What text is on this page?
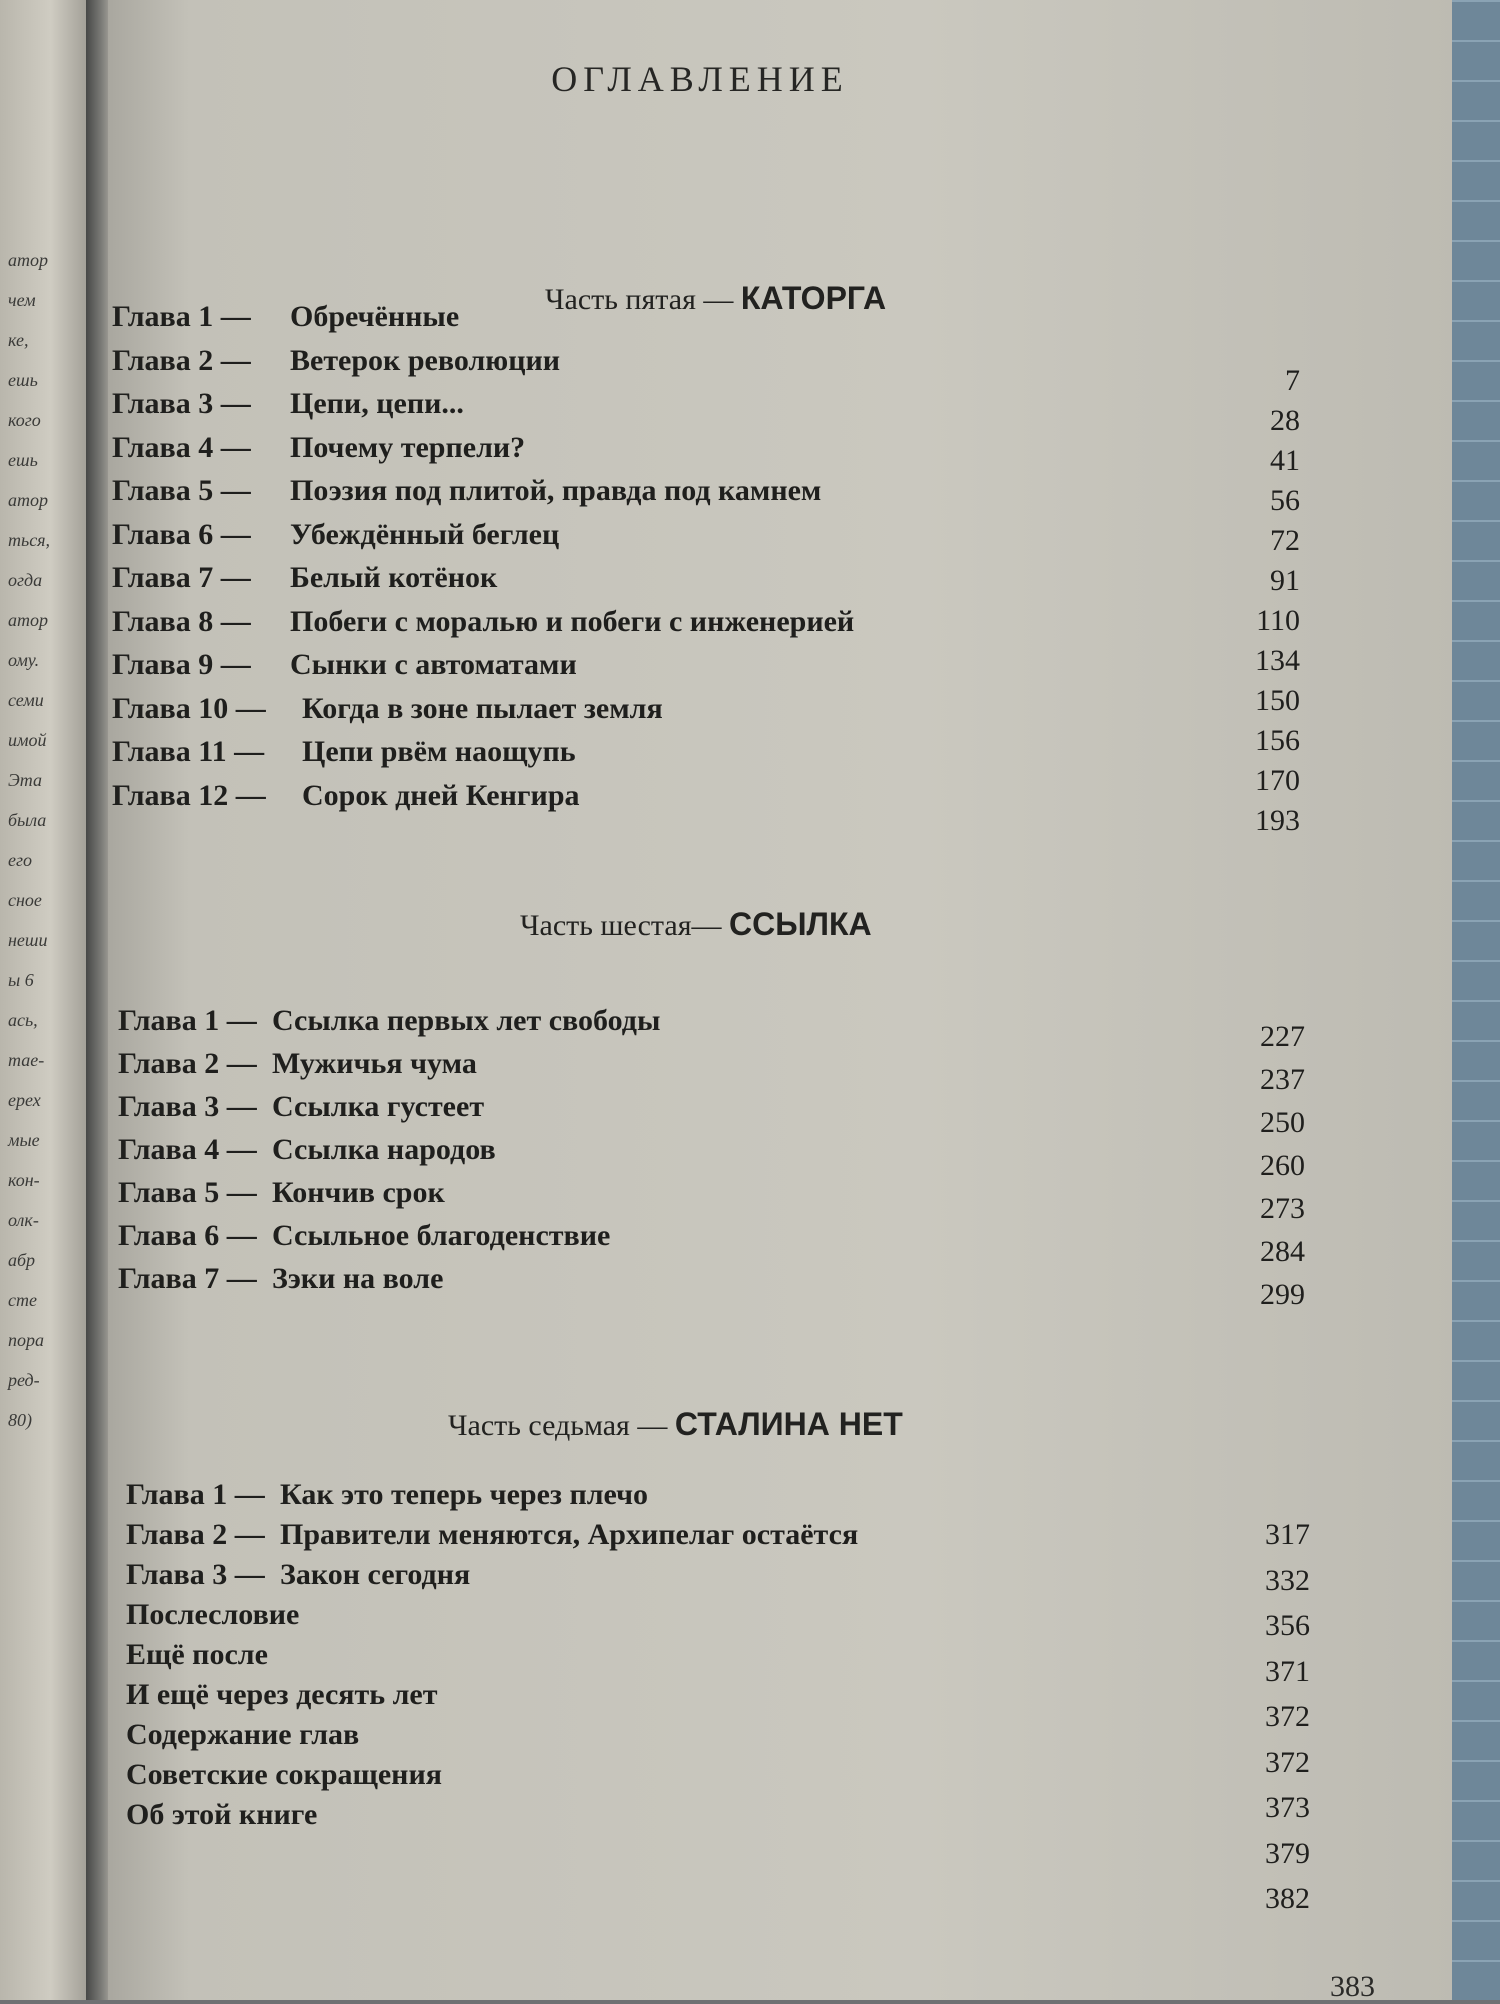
атор
чем
ке,
ешь
кого
ешь
атор
ться,
огда
атор
ому.
семи
имой
Эта
была
его
сное
неши
ы 6
ась,
тае-
ерех
мые
кон-
олк-
абр
сте
пора
ред-
80)
ОГЛАВЛЕНИЕ
Часть пятая — КАТОРГА
Глава 1 — Обречённые
Глава 2 — Ветерок революции
Глава 3 — Цепи, цепи...
Глава 4 — Почему терпели?
Глава 5 — Поэзия под плитой, правда под камнем
Глава 6 — Убеждённый беглец
Глава 7 — Белый котёнок
Глава 8 — Побеги с моралью и побеги с инженерией
Глава 9 — Сынки с автоматами
Глава 10 — Когда в зоне пылает земля
Глава 11 — Цепи рвём наощупь
Глава 12 — Сорок дней Кенгира
7
28
41
56
72
91
110
134
150
156
170
193
Часть шестая— ССЫЛКА
Глава 1 — Ссылка первых лет свободы
Глава 2 — Мужичья чума
Глава 3 — Ссылка густеет
Глава 4 — Ссылка народов
Глава 5 — Кончив срок
Глава 6 — Ссыльное благоденствие
Глава 7 — Зэки на воле
227
237
250
260
273
284
299
Часть седьмая — СТАЛИНА НЕТ
Глава 1 — Как это теперь через плечо
Глава 2 — Правители меняются, Архипелаг остаётся
Глава 3 — Закон сегодня
Послесловие
Ещё после
И ещё через десять лет
Содержание глав
Советские сокращения
Об этой книге
317
332
356
371
372
372
373
379
382
383
